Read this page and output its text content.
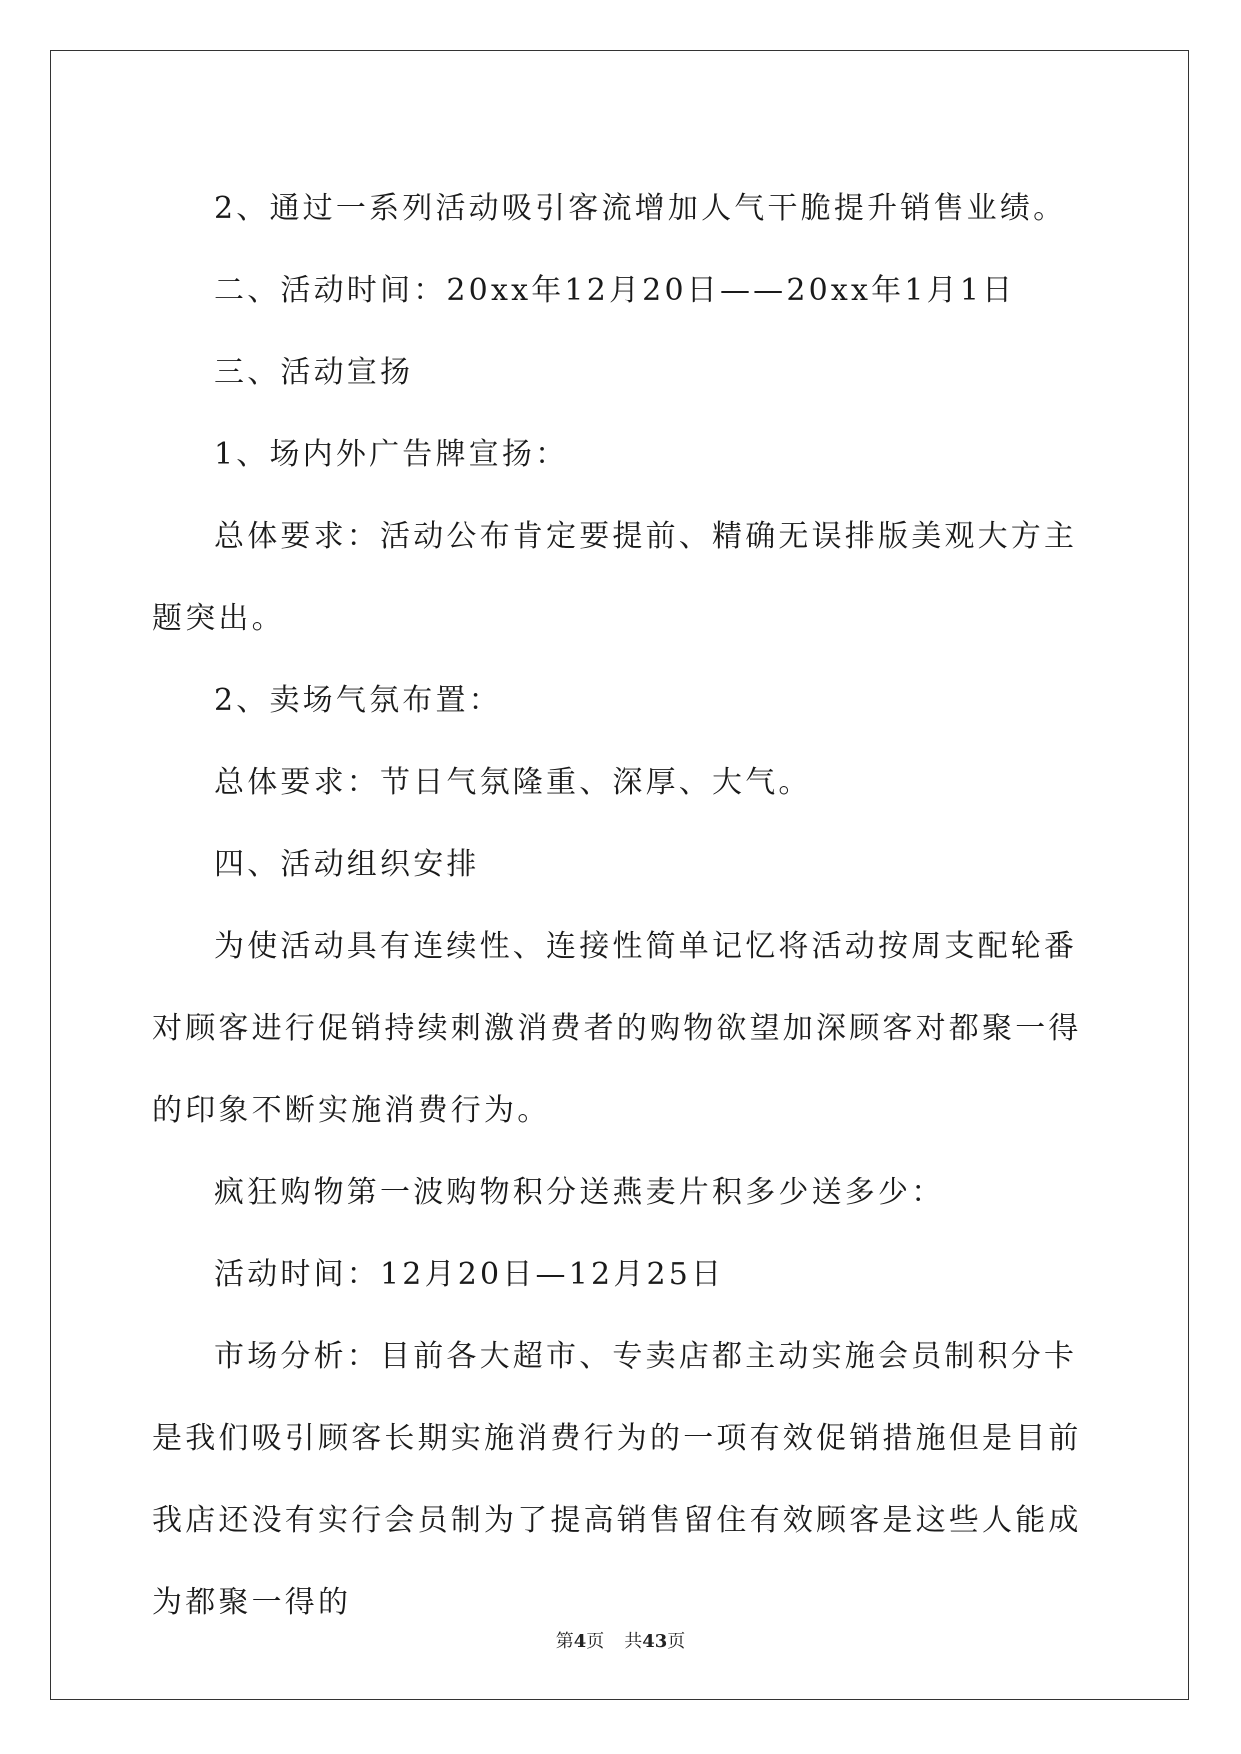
2、通过一系列活动吸引客流增加人气干脆提升销售业绩。

二、活动时间：20xx年12月20日——20xx年1月1日

三、活动宣扬

1、场内外广告牌宣扬：

总体要求：活动公布肯定要提前、精确无误排版美观大方主题突出。

2、卖场气氛布置：

总体要求：节日气氛隆重、深厚、大气。

四、活动组织安排

为使活动具有连续性、连接性简单记忆将活动按周支配轮番对顾客进行促销持续刺激消费者的购物欲望加深顾客对都聚一得的印象不断实施消费行为。

疯狂购物第一波购物积分送燕麦片积多少送多少：

活动时间：12月20日—12月25日

市场分析：目前各大超市、专卖店都主动实施会员制积分卡是我们吸引顾客长期实施消费行为的一项有效促销措施但是目前我店还没有实行会员制为了提高销售留住有效顾客是这些人能成为都聚一得的

第4页 共43页
